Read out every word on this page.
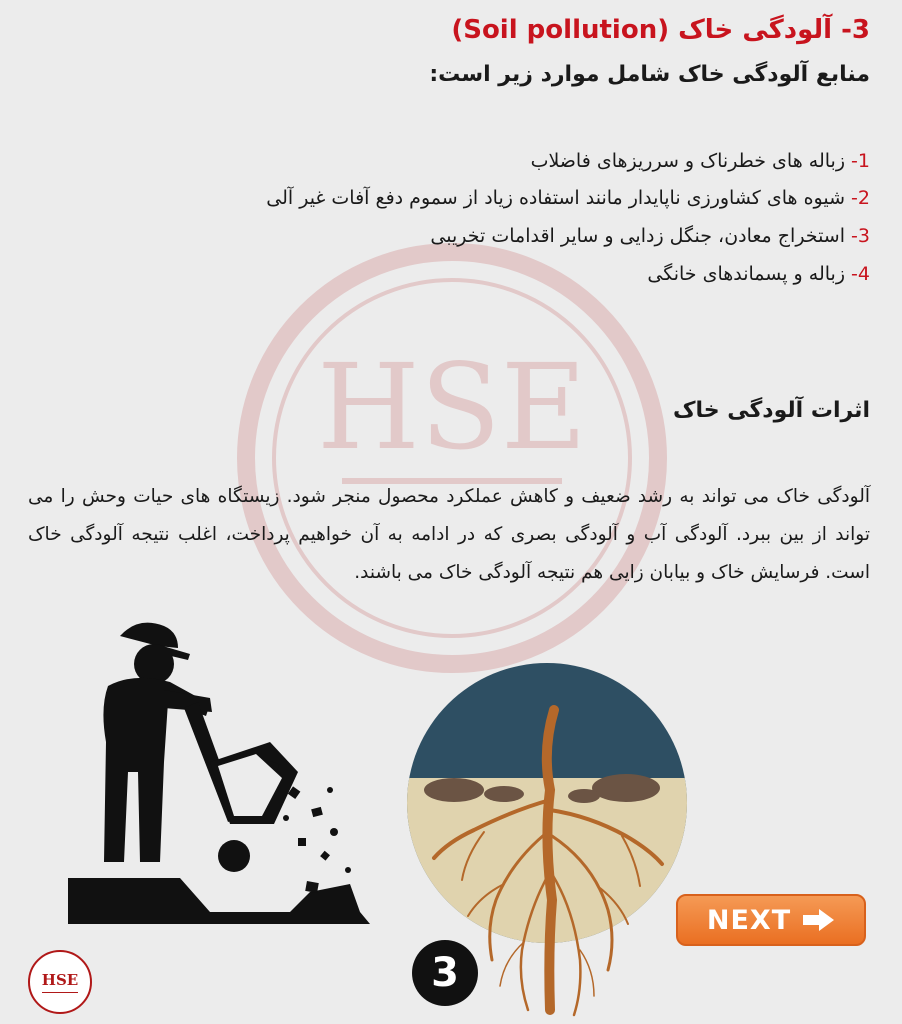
HSE
3- آلودگی خاک (Soil pollution)
منابع آلودگی خاک شامل موارد زیر است:
1- زباله های خطرناک و سرریزهای فاضلاب
2- شیوه های کشاورزی ناپایدار مانند استفاده زیاد از سموم دفع آفات غیر آلی
3- استخراج معادن، جنگل زدایی و سایر اقدامات تخریبی
4- زباله و پسماندهای خانگی
اثرات آلودگی خاک

آلودگی خاک می تواند به رشد ضعیف و کاهش عملکرد محصول منجر شود. زیستگاه های حیات وحش را می تواند از بین ببرد. آلودگی آب و آلودگی بصری که در ادامه به آن خواهیم پرداخت، اغلب نتیجه آلودگی خاک است. فرسایش خاک و بیابان زایی هم نتیجه آلودگی خاک می باشند.

NEXT
3
HSE
